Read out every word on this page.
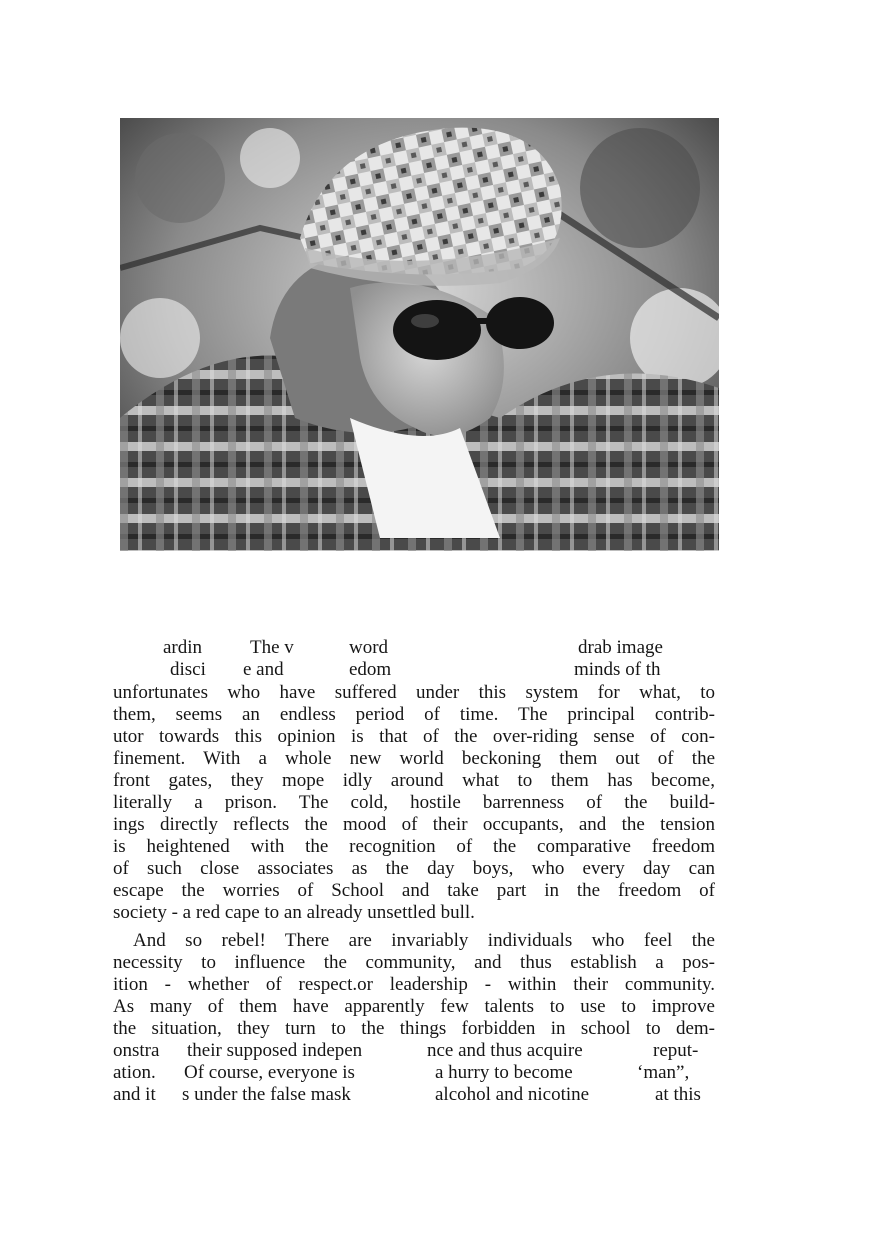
ardin	The v	word	drab image
disci e and	edom	minds of th
unfortunates who have suffered under this system for what, to
them, seems an endless period of time. The principal contrib-
utor towards this opinion is that of the over-riding sense of con-
finement. With a whole new world beckoning them out of the
front gates, they mope idly around what to them has become,
literally a prison. The cold, hostile barrenness of the build-
ings directly reflects the mood of their occupants, and the tension
is heightened with the recognition of the comparative freedom
of such close associates as the day boys, who every day can
escape the worries of School and take part in the freedom of
society - a red cape to an already unsettled bull.
And so rebel! There are invariably individuals who feel the
necessity to influence the community, and thus establish a pos-
ition - whether of respect.or leadership - within their community.
As many of them have apparently few talents to use to improve
the situation, they turn to the things forbidden in school to dem-
onstra their supposed indepen	nce and thus acquire	reput-
ation. Of course, everyone is	a hurry to become	‘man”,
and it s under the false mask	alcohol and nicotine	at this
